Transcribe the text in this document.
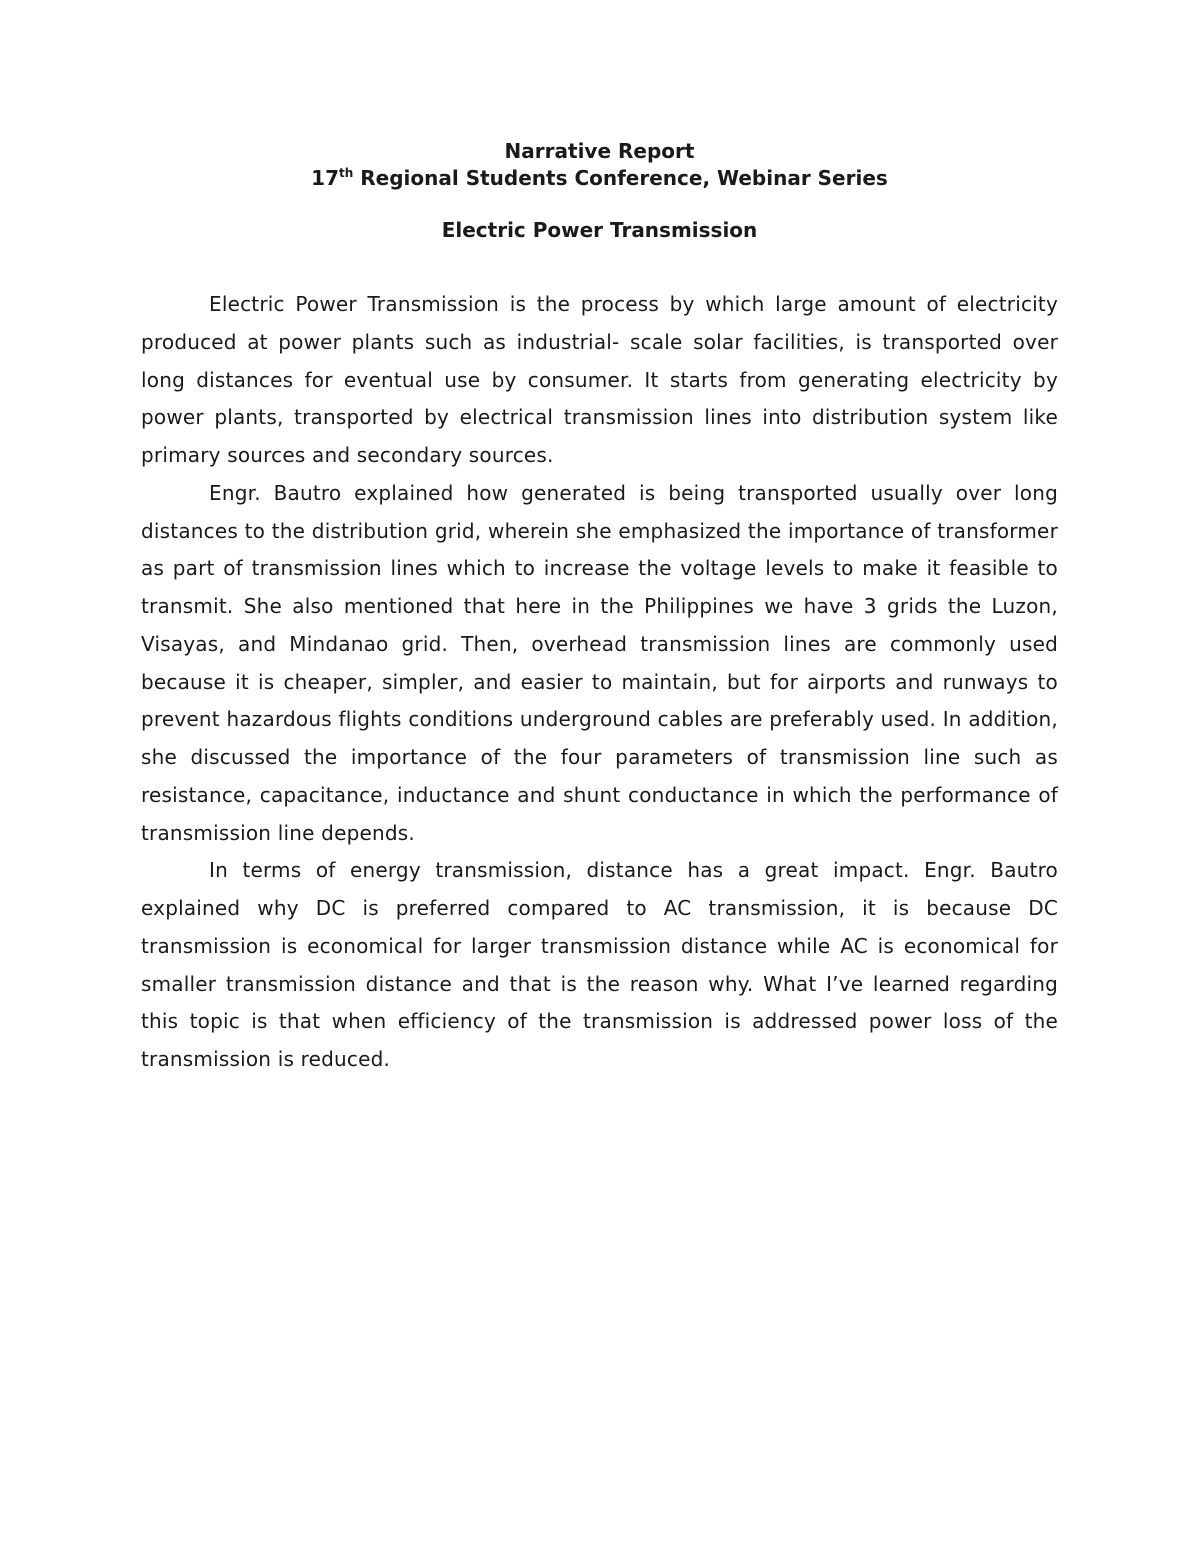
Narrative Report

17th Regional Students Conference, Webinar Series

Electric Power Transmission

Electric Power Transmission is the process by which large amount of electricity produced at power plants such as industrial- scale solar facilities, is transported over long distances for eventual use by consumer. It starts from generating electricity by power plants, transported by electrical transmission lines into distribution system like primary sources and secondary sources.

Engr. Bautro explained how generated is being transported usually over long distances to the distribution grid, wherein she emphasized the importance of transformer as part of transmission lines which to increase the voltage levels to make it feasible to transmit. She also mentioned that here in the Philippines we have 3 grids the Luzon, Visayas, and Mindanao grid. Then, overhead transmission lines are commonly used because it is cheaper, simpler, and easier to maintain, but for airports and runways to prevent hazardous flights conditions underground cables are preferably used. In addition, she discussed the importance of the four parameters of transmission line such as resistance, capacitance, inductance and shunt conductance in which the performance of transmission line depends.

In terms of energy transmission, distance has a great impact. Engr. Bautro explained why DC is preferred compared to AC transmission, it is because DC transmission is economical for larger transmission distance while AC is economical for smaller transmission distance and that is the reason why. What I’ve learned regarding this topic is that when efficiency of the transmission is addressed power loss of the transmission is reduced.
